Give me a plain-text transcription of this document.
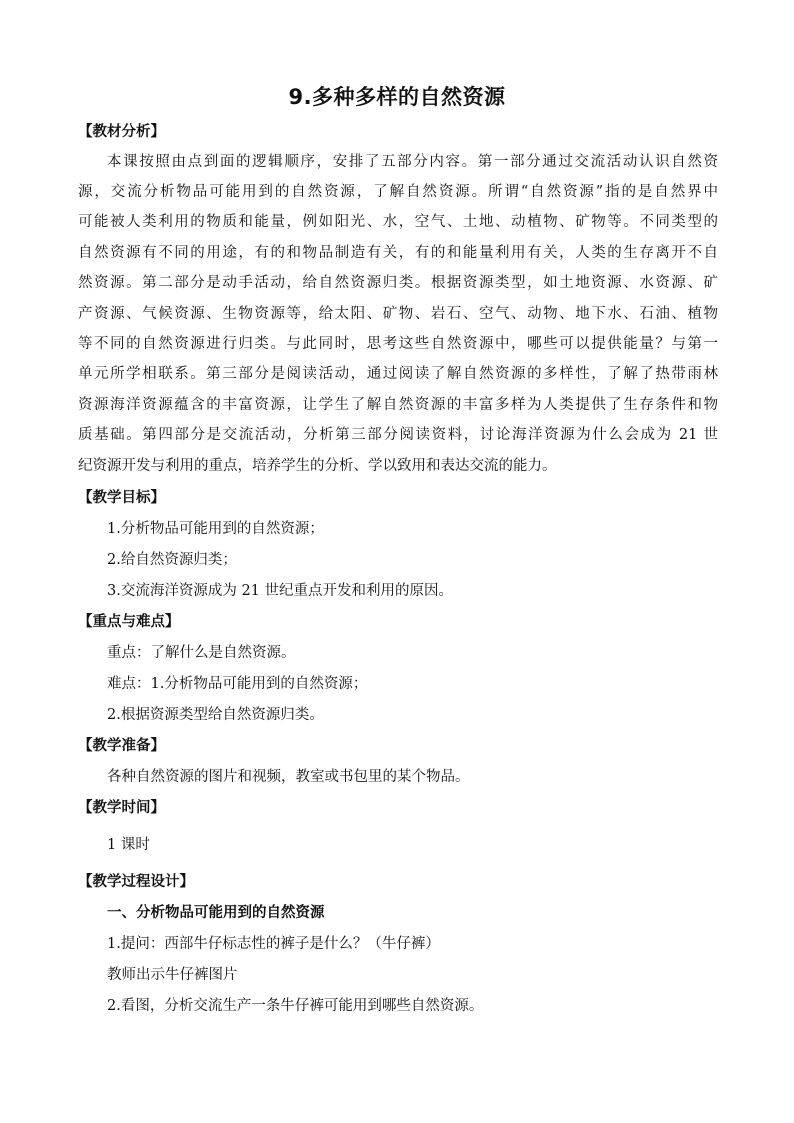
9.多种多样的自然资源
【教材分析】
本课按照由点到面的逻辑顺序，安排了五部分内容。第一部分通过交流活动认识自然资
源，交流分析物品可能用到的自然资源，了解自然资源。所谓“自然资源”指的是自然界中
可能被人类利用的物质和能量，例如阳光、水，空气、土地、动植物、矿物等。不同类型的
自然资源有不同的用途，有的和物品制造有关，有的和能量利用有关，人类的生存离开不自
然资源。第二部分是动手活动，给自然资源归类。根据资源类型，如土地资源、水资源、矿
产资源、气候资源、生物资源等，给太阳、矿物、岩石、空气、动物、地下水、石油、植物
等不同的自然资源进行归类。与此同时，思考这些自然资源中，哪些可以提供能量？与第一
单元所学相联系。第三部分是阅读活动，通过阅读了解自然资源的多样性，了解了热带雨林
资源海洋资源蕴含的丰富资源，让学生了解自然资源的丰富多样为人类提供了生存条件和物
质基础。第四部分是交流活动，分析第三部分阅读资料，讨论海洋资源为什么会成为 21 世
纪资源开发与利用的重点，培养学生的分析、学以致用和表达交流的能力。
【教学目标】
1.分析物品可能用到的自然资源；
2.给自然资源归类；
3.交流海洋资源成为 21 世纪重点开发和利用的原因。
【重点与难点】
重点：了解什么是自然资源。
难点：1.分析物品可能用到的自然资源；
2.根据资源类型给自然资源归类。
【教学准备】
各种自然资源的图片和视频，教室或书包里的某个物品。
【教学时间】
1 课时
【教学过程设计】
一、分析物品可能用到的自然资源
1.提问：西部牛仔标志性的裤子是什么？（牛仔裤）
教师出示牛仔裤图片
2.看图，分析交流生产一条牛仔裤可能用到哪些自然资源。
